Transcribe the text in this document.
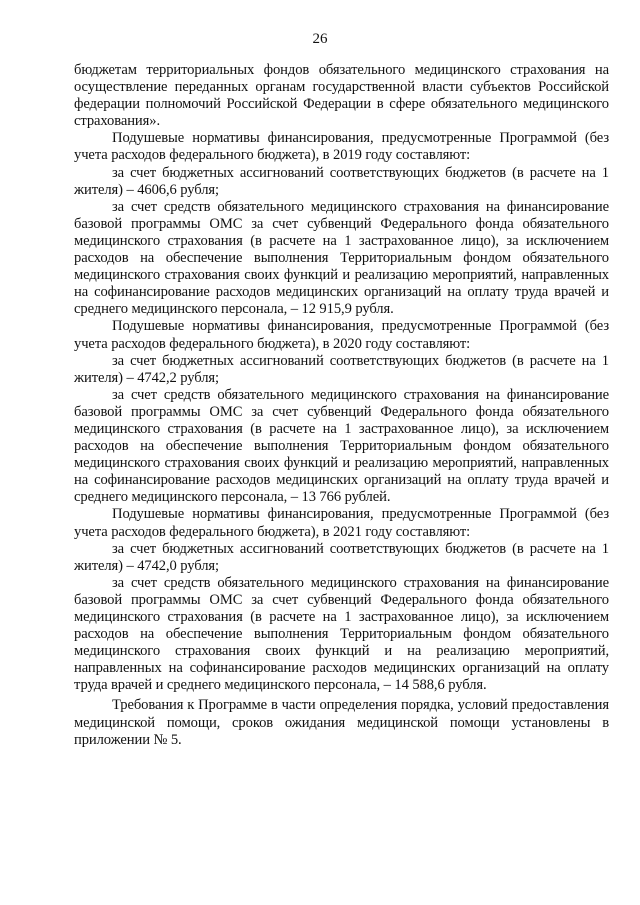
26

бюджетам территориальных фондов обязательного медицинского страхования на осуществление переданных органам государственной власти субъектов Российской федерации полномочий Российской Федерации в сфере обязательного медицинского страхования».

Подушевые нормативы финансирования, предусмотренные Программой (без учета расходов федерального бюджета), в 2019 году составляют:

за счет бюджетных ассигнований соответствующих бюджетов (в расчете на 1 жителя) – 4606,6 рубля;

за счет средств обязательного медицинского страхования на финансирование базовой программы ОМС за счет субвенций Федерального фонда обязательного медицинского страхования (в расчете на 1 застрахованное лицо), за исключением расходов на обеспечение выполнения Территориальным фондом обязательного медицинского страхования своих функций и реализацию мероприятий, направленных на софинансирование расходов медицинских организаций на оплату труда врачей и среднего медицинского персонала, – 12 915,9 рубля.

Подушевые нормативы финансирования, предусмотренные Программой (без учета расходов федерального бюджета), в 2020 году составляют:

за счет бюджетных ассигнований соответствующих бюджетов (в расчете на 1 жителя) – 4742,2 рубля;

за счет средств обязательного медицинского страхования на финансирование базовой программы ОМС за счет субвенций Федерального фонда обязательного медицинского страхования (в расчете на 1 застрахованное лицо), за исключением расходов на обеспечение выполнения Территориальным фондом обязательного медицинского страхования своих функций и реализацию мероприятий, направленных на софинансирование расходов медицинских организаций на оплату труда врачей и среднего медицинского персонала, – 13 766 рублей.

Подушевые нормативы финансирования, предусмотренные Программой (без учета расходов федерального бюджета), в 2021 году составляют:

за счет бюджетных ассигнований соответствующих бюджетов (в расчете на 1 жителя) – 4742,0 рубля;

за счет средств обязательного медицинского страхования на финансирование базовой программы ОМС за счет субвенций Федерального фонда обязательного медицинского страхования (в расчете на 1 застрахованное лицо), за исключением расходов на обеспечение выполнения Территориальным фондом обязательного медицинского страхования своих функций и на реализацию мероприятий, направленных на софинансирование расходов медицинских организаций на оплату труда врачей и среднего медицинского персонала, – 14 588,6 рубля.

Требования к Программе в части определения порядка, условий предоставления медицинской помощи, сроков ожидания медицинской помощи установлены в приложении № 5.
